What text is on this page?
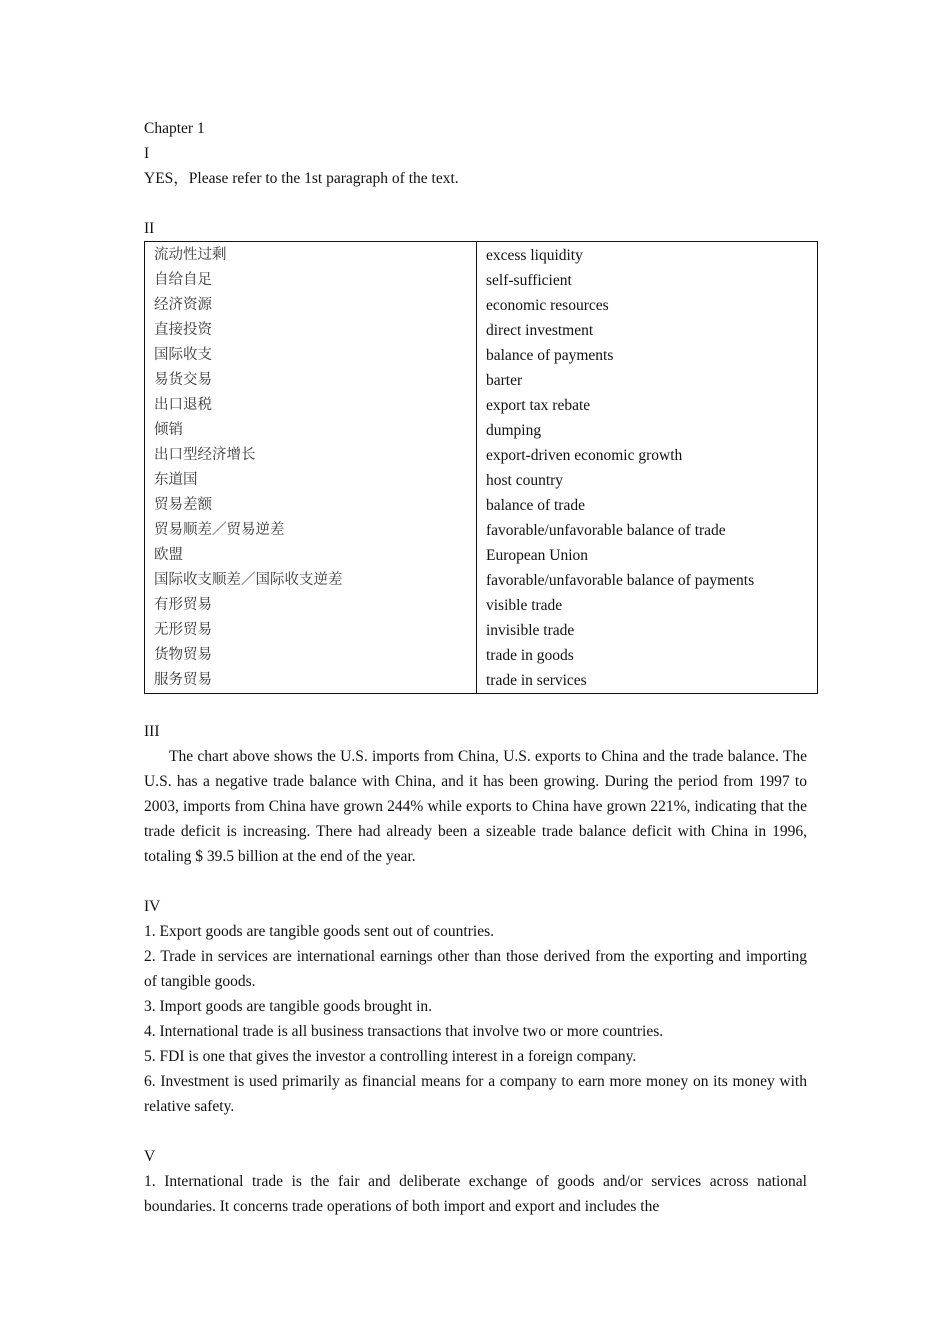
Chapter 1

I

YES，Please refer to the 1st paragraph of the text.

II

流动性过剩	excess liquidity
自给自足	self-sufficient
经济资源	economic resources
直接投资	direct investment
国际收支	balance of payments
易货交易	barter
出口退税	export tax rebate
倾销	dumping
出口型经济增长	export-driven economic growth
东道国	host country
贸易差额	balance of trade
贸易顺差／贸易逆差	favorable/unfavorable balance of trade
欧盟	European Union
国际收支顺差／国际收支逆差	favorable/unfavorable balance of payments
有形贸易	visible trade
无形贸易	invisible trade
货物贸易	trade in goods
服务贸易	trade in services

III

The chart above shows the U.S. imports from China, U.S. exports to China and the trade balance. The U.S. has a negative trade balance with China, and it has been growing. During the period from 1997 to 2003, imports from China have grown 244% while exports to China have grown 221%, indicating that the trade deficit is increasing. There had already been a sizeable trade balance deficit with China in 1996, totaling $ 39.5 billion at the end of the year.

IV

1. Export goods are tangible goods sent out of countries.

2. Trade in services are international earnings other than those derived from the exporting and importing of tangible goods.

3. Import goods are tangible goods brought in.

4. International trade is all business transactions that involve two or more countries.

5. FDI is one that gives the investor a controlling interest in a foreign company.

6. Investment is used primarily as financial means for a company to earn more money on its money with relative safety.

V

1. International trade is the fair and deliberate exchange of goods and/or services across national boundaries. It concerns trade operations of both import and export and includes the
